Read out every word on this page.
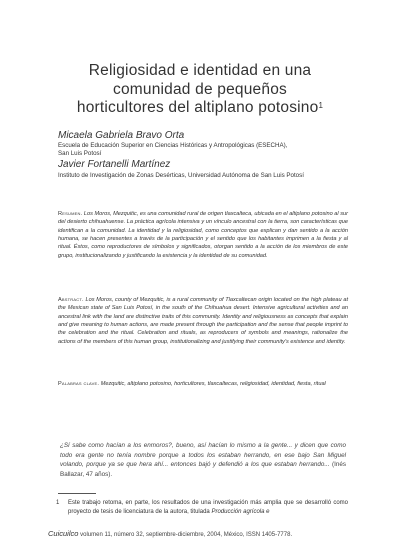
Religiosidad e identidad en una
comunidad de pequeños
horticultores del altiplano potosino$^1$
Micaela Gabriela Bravo Orta
Escuela de Educación Superior en Ciencias Históricas y Antropológicas (ESECHA),
San Luis Potosí
Javier Fortanelli Martínez
Instituto de Investigación de Zonas Desérticas, Universidad Autónoma de San Luis Potosí
Resumen. Los Moros, Mezquitic, es una comunidad rural de origen tlaxcalteca, ubicada en el altiplano potosino al sur del desierto chihuahuense. La práctica agrícola intensiva y un vínculo ancestral con la tierra, son características que identifican a la comunidad. La identidad y la religiosidad, como conceptos que explican y dan sentido a la acción humana, se hacen presentes a través de la participación y el sentido que los habitantes imprimen a la fiesta y al ritual. Éstos, como reproductores de símbolos y significados, otorgan sentido a la acción de los miembros de este grupo, institucionalizando y justificando la existencia y la identidad de su comunidad.
Abstract. Los Moros, county of Mezquitic, is a rural community of Tlaxcaltecan origin located on the high plateau at the Mexican state of San Luis Potosí, in the south of the Chihuahua desert. Intensive agricultural activities and an ancestral link with the land are distinctive traits of this community. Identity and religiousness as concepts that explain and give meaning to human actions, are made present through the participation and the sense that people imprint to the celebration and the ritual. Celebration and rituals, as reproducers of symbols and meanings, rationalize the actions of the members of this human group, institutionalizing and justifying their community's existence and identity.
Palabras clave. Mezquitic, altiplano potosino, horticultores, tlaxcaltecas, religiosidad, identidad, fiesta, ritual
¿Sí sabe como hacían a los enmoros?, bueno, así hacían lo mismo a la gente... y dicen que como todo era gente no tenía nombre porque a todos los estaban herrando, en ese bajo San Miguel volando, porque ya se que hera ahí... entonces bajó y defendió a los que estaban herrando... (Inés Ballazar, 47 años).
1	Este trabajo retoma, en parte, los resultados de una investigación más amplia que se desarrolló como proyecto de tesis de licenciatura de la autora, titulada Producción agrícola e
Cuicuilco volumen 11, número 32, septiembre-diciembre, 2004, México, ISSN 1405-7778.
